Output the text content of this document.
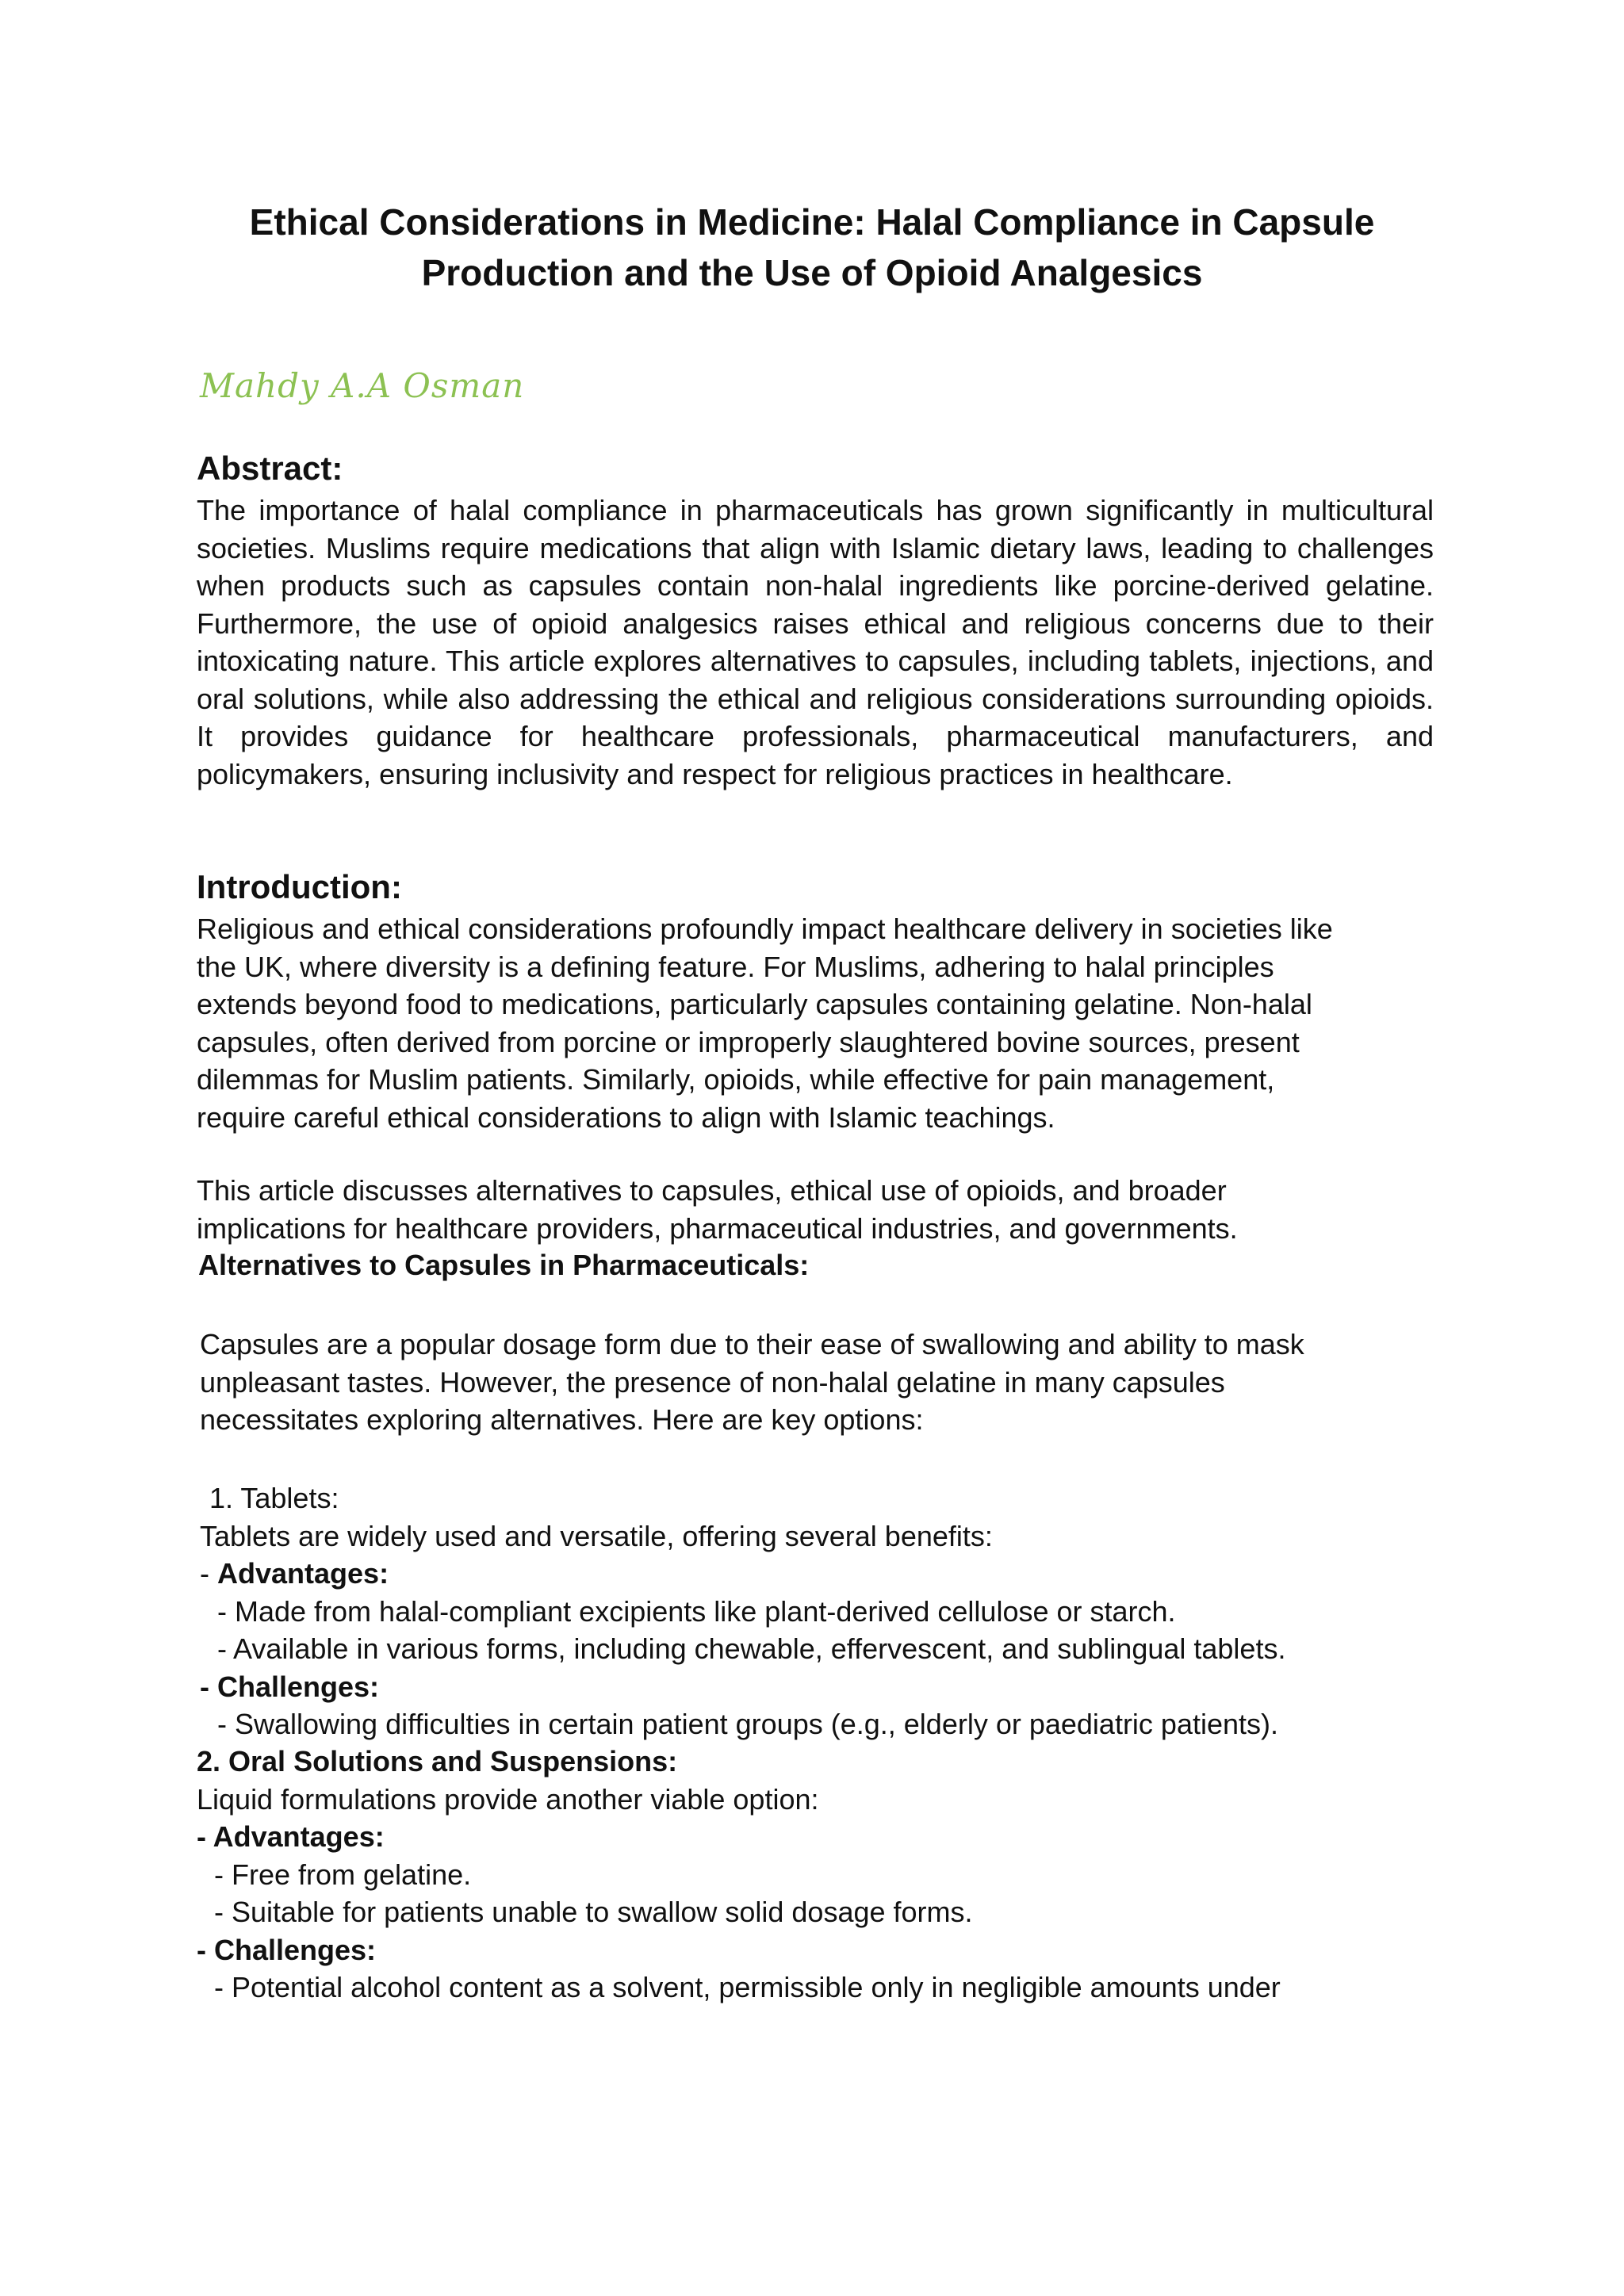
Ethical Considerations in Medicine: Halal Compliance in Capsule Production and the Use of Opioid Analgesics

Mahdy A.A Osman

Abstract:

The importance of halal compliance in pharmaceuticals has grown significantly in multicultural societies. Muslims require medications that align with Islamic dietary laws, leading to challenges when products such as capsules contain non-halal ingredients like porcine-derived gelatine. Furthermore, the use of opioid analgesics raises ethical and religious concerns due to their intoxicating nature. This article explores alternatives to capsules, including tablets, injections, and oral solutions, while also addressing the ethical and religious considerations surrounding opioids. It provides guidance for healthcare professionals, pharmaceutical manufacturers, and policymakers, ensuring inclusivity and respect for religious practices in healthcare.

Introduction:
Religious and ethical considerations profoundly impact healthcare delivery in societies like
the UK, where diversity is a defining feature. For Muslims, adhering to halal principles
extends beyond food to medications, particularly capsules containing gelatine. Non-halal
capsules, often derived from porcine or improperly slaughtered bovine sources, present
dilemmas for Muslim patients. Similarly, opioids, while effective for pain management,
require careful ethical considerations to align with Islamic teachings.
This article discusses alternatives to capsules, ethical use of opioids, and broader
implications for healthcare providers, pharmaceutical industries, and governments.
Alternatives to Capsules in Pharmaceuticals:
Capsules are a popular dosage form due to their ease of swallowing and ability to mask
unpleasant tastes. However, the presence of non-halal gelatine in many capsules
necessitates exploring alternatives. Here are key options:
1. Tablets:
Tablets are widely used and versatile, offering several benefits:
- Advantages:
- Made from halal-compliant excipients like plant-derived cellulose or starch.
- Available in various forms, including chewable, effervescent, and sublingual tablets.
- Challenges:
- Swallowing difficulties in certain patient groups (e.g., elderly or paediatric patients).
2. Oral Solutions and Suspensions:
Liquid formulations provide another viable option:
- Advantages:
- Free from gelatine.
- Suitable for patients unable to swallow solid dosage forms.
- Challenges:
- Potential alcohol content as a solvent, permissible only in negligible amounts under
